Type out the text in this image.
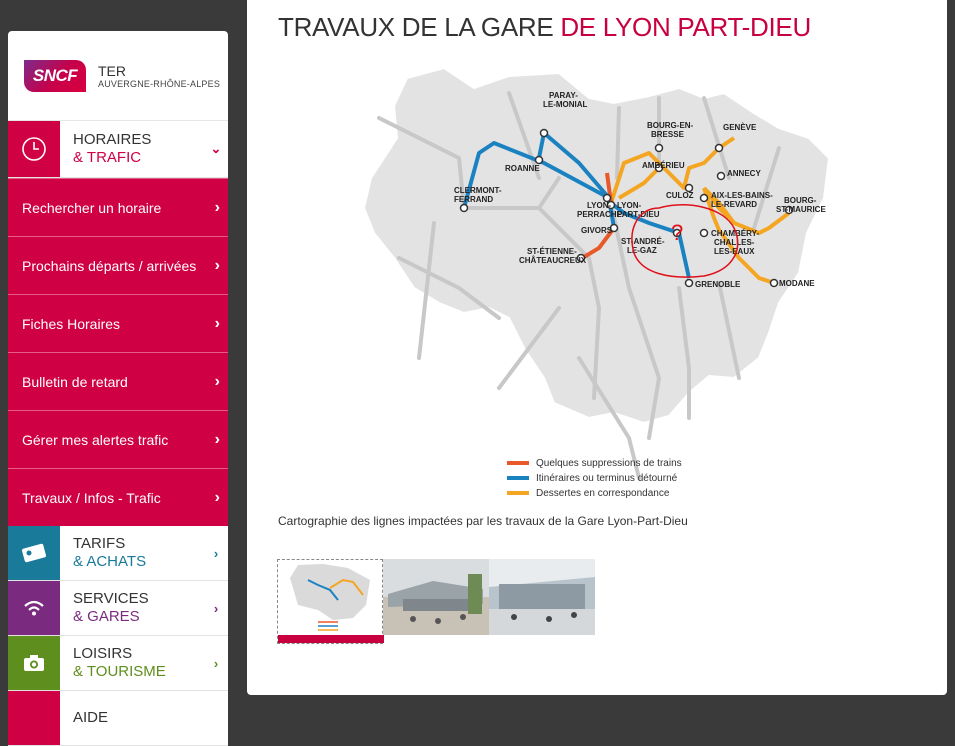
SNCF	TER
AUVERGNE-RHÔNE-ALPES
HORAIRES
& TRAFIC
⌄
Rechercher un horaire	›
Prochains départs / arrivées	›
Fiches Horaires	›
Bulletin de retard	›
Gérer mes alertes trafic	›
Travaux / Infos - Trafic	›
TARIFS
& ACHATS	›
SERVICES
& GARES	›
LOISIRS
& TOURISME	›
AIDE
TRAVAUX DE LA GARE DE LYON PART-DIEU
PARAY-LE-MONIAL
BOURG-EN-BRESSE
GENÈVE
ROANNE	AMBÉRIEU
ANNECY
CLERMONT-FERRAND	CULOZ AIX-LES-BAINS-LE-REVARD	BOURG-ST-MAURICE
LYON-PERRACHE
LYON-PART-DIEU
GIVORS
ST-ANDRÉ-LE-GAZ
CHAMBÉRY-CHALLES-LES-EAUX
ST-ÉTIENNE-CHÂTEAUCREUX
GRENOBLE	MODANE
?
Quelques suppressions de trains
Itinéraires ou terminus détourné
Dessertes en correspondance
Cartographie des lignes impactées par les travaux de la Gare Lyon-Part-Dieu
